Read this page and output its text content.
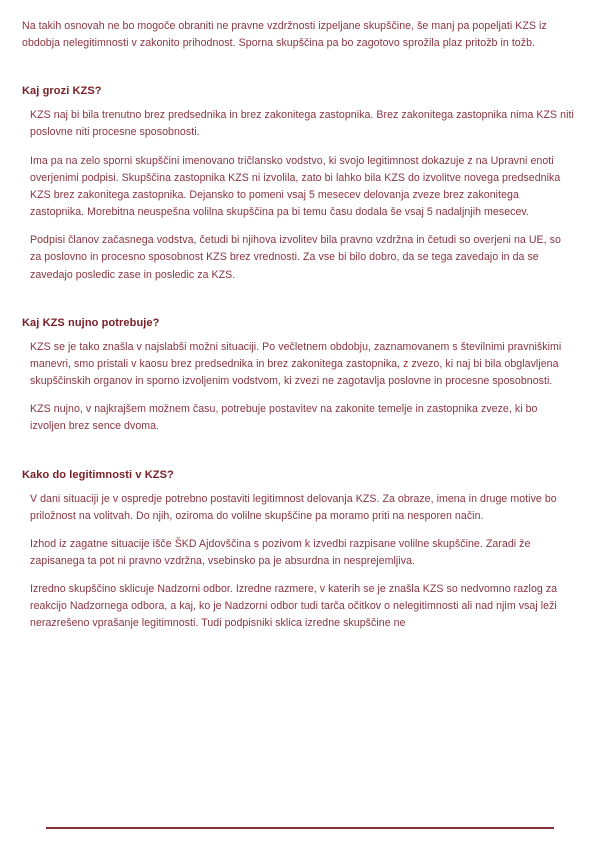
Na takih osnovah ne bo mogoče obraniti ne pravne vzdržnosti izpeljane skupščine, še manj pa popeljati KZS iz obdobja nelegitimnosti v zakonito prihodnost. Sporna skupščina pa bo zagotovo sprožila plaz pritožb in tožb.

Kaj grozi KZS?

KZS naj bi bila trenutno brez predsednika in brez zakonitega zastopnika. Brez zakonitega zastopnika nima KZS niti poslovne niti procesne sposobnosti.

Ima pa na zelo sporni skupščini imenovano tričlansko vodstvo, ki svojo legitimnost dokazuje z na Upravni enoti overjenimi podpisi. Skupščina zastopnika KZS ni izvolila, zato bi lahko bila KZS do izvolitve novega predsednika KZS brez zakonitega zastopnika. Dejansko to pomeni vsaj 5 mesecev delovanja zveze brez zakonitega zastopnika. Morebitna neuspešna volilna skupščina pa bi temu času dodala še vsaj 5 nadaljnjih mesecev.

Podpisi članov začasnega vodstva, četudi bi njihova izvolitev bila pravno vzdržna in četudi so overjeni na UE, so za poslovno in procesno sposobnost KZS brez vrednosti. Za vse bi bilo dobro, da se tega zavedajo in da se zavedajo posledic zase in posledic za KZS.

Kaj KZS nujno potrebuje?

KZS se je tako znašla v najslabši možni situaciji. Po večletnem obdobju, zaznamovanem s številnimi pravniškimi manevri, smo pristali v kaosu brez predsednika in brez zakonitega zastopnika, z zvezo, ki naj bi bila obglavljena skupščinskih organov in sporno izvoljenim vodstvom, ki zvezi ne zagotavlja poslovne in procesne sposobnosti.

KZS nujno, v najkrajšem možnem času, potrebuje postavitev na zakonite temelje in zastopnika zveze, ki bo izvoljen brez sence dvoma.

Kako do legitimnosti v KZS?

V dani situaciji je v ospredje potrebno postaviti legitimnost delovanja KZS. Za obraze, imena in druge motive bo priložnost na volitvah. Do njih, oziroma do volilne skupščine pa moramo priti na nesporen način.

Izhod iz zagatne situacije išče ŠKD Ajdovščina s pozivom k izvedbi razpisane volilne skupščine. Zaradi že zapisanega ta pot ni pravno vzdržna, vsebinsko pa je absurdna in nesprejemljiva.

Izredno skupščino sklicuje Nadzorni odbor. Izredne razmere, v katerih se je znašla KZS so nedvomno razlog za reakcijo Nadzornega odbora, a kaj, ko je Nadzorni odbor tudi tarča očitkov o nelegitimnosti ali nad njim vsaj leži nerazrešeno vprašanje legitimnosti. Tudi podpisniki sklica izredne skupščine ne
